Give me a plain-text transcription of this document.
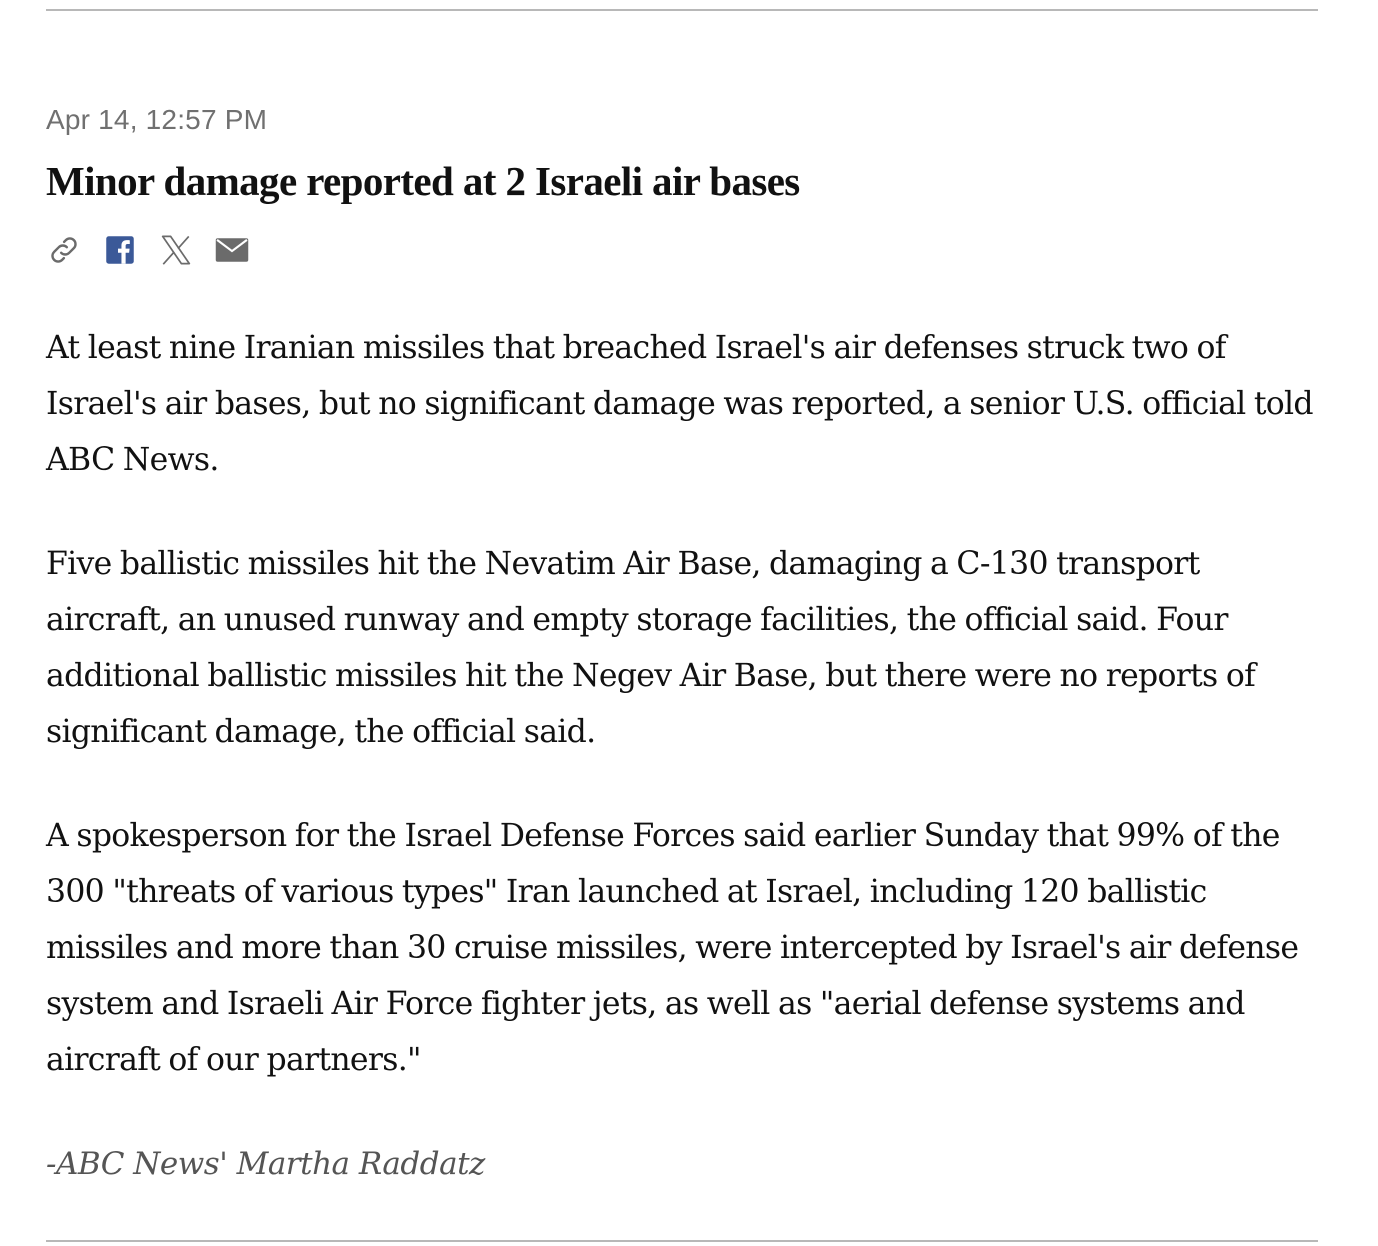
Apr 14, 12:57 PM
Minor damage reported at 2 Israeli air bases

At least nine Iranian missiles that breached Israel's air defenses struck two of Israel's air bases, but no significant damage was reported, a senior U.S. official told ABC News.

Five ballistic missiles hit the Nevatim Air Base, damaging a C-130 transport aircraft, an unused runway and empty storage facilities, the official said. Four additional ballistic missiles hit the Negev Air Base, but there were no reports of significant damage, the official said.

A spokesperson for the Israel Defense Forces said earlier Sunday that 99% of the 300 "threats of various types" Iran launched at Israel, including 120 ballistic missiles and more than 30 cruise missiles, were intercepted by Israel's air defense system and Israeli Air Force fighter jets, as well as "aerial defense systems and aircraft of our partners."

-ABC News' Martha Raddatz
